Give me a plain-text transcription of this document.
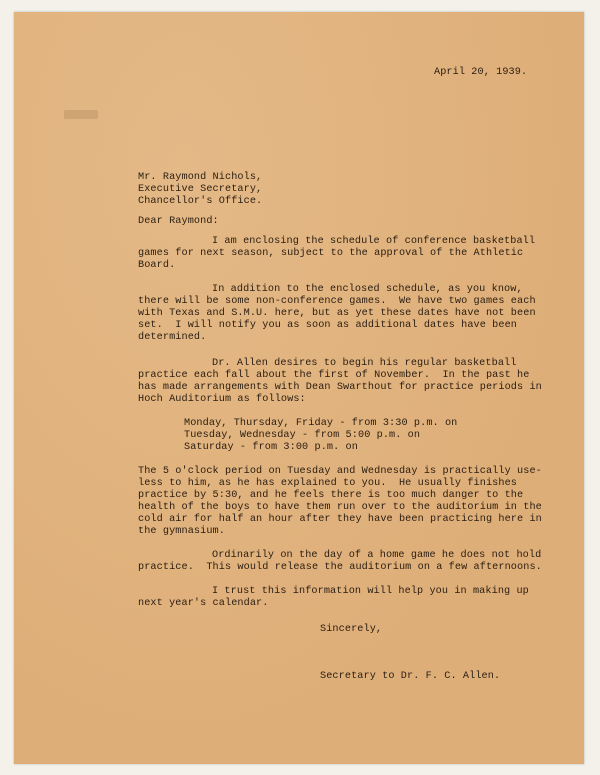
April 20, 1939.

Mr. Raymond Nichols,

Executive Secretary,

Chancellor's Office.

Dear Raymond:

I am enclosing the schedule of conference basketball

games for next season, subject to the approval of the Athletic

Board.

In addition to the enclosed schedule, as you know,

there will be some non-conference games.  We have two games each

with Texas and S.M.U. here, but as yet these dates have not been

set.  I will notify you as soon as additional dates have been

determined.

Dr. Allen desires to begin his regular basketball

practice each fall about the first of November.  In the past he

has made arrangements with Dean Swarthout for practice periods in

Hoch Auditorium as follows:

Monday, Thursday, Friday - from 3:30 p.m. on

Tuesday, Wednesday - from 5:00 p.m. on

Saturday - from 3:00 p.m. on

The 5 o'clock period on Tuesday and Wednesday is practically use-

less to him, as he has explained to you.  He usually finishes

practice by 5:30, and he feels there is too much danger to the

health of the boys to have them run over to the auditorium in the

cold air for half an hour after they have been practicing here in

the gymnasium.

Ordinarily on the day of a home game he does not hold

practice.  This would release the auditorium on a few afternoons.

I trust this information will help you in making up

next year's calendar.

Sincerely,

Secretary to Dr. F. C. Allen.
